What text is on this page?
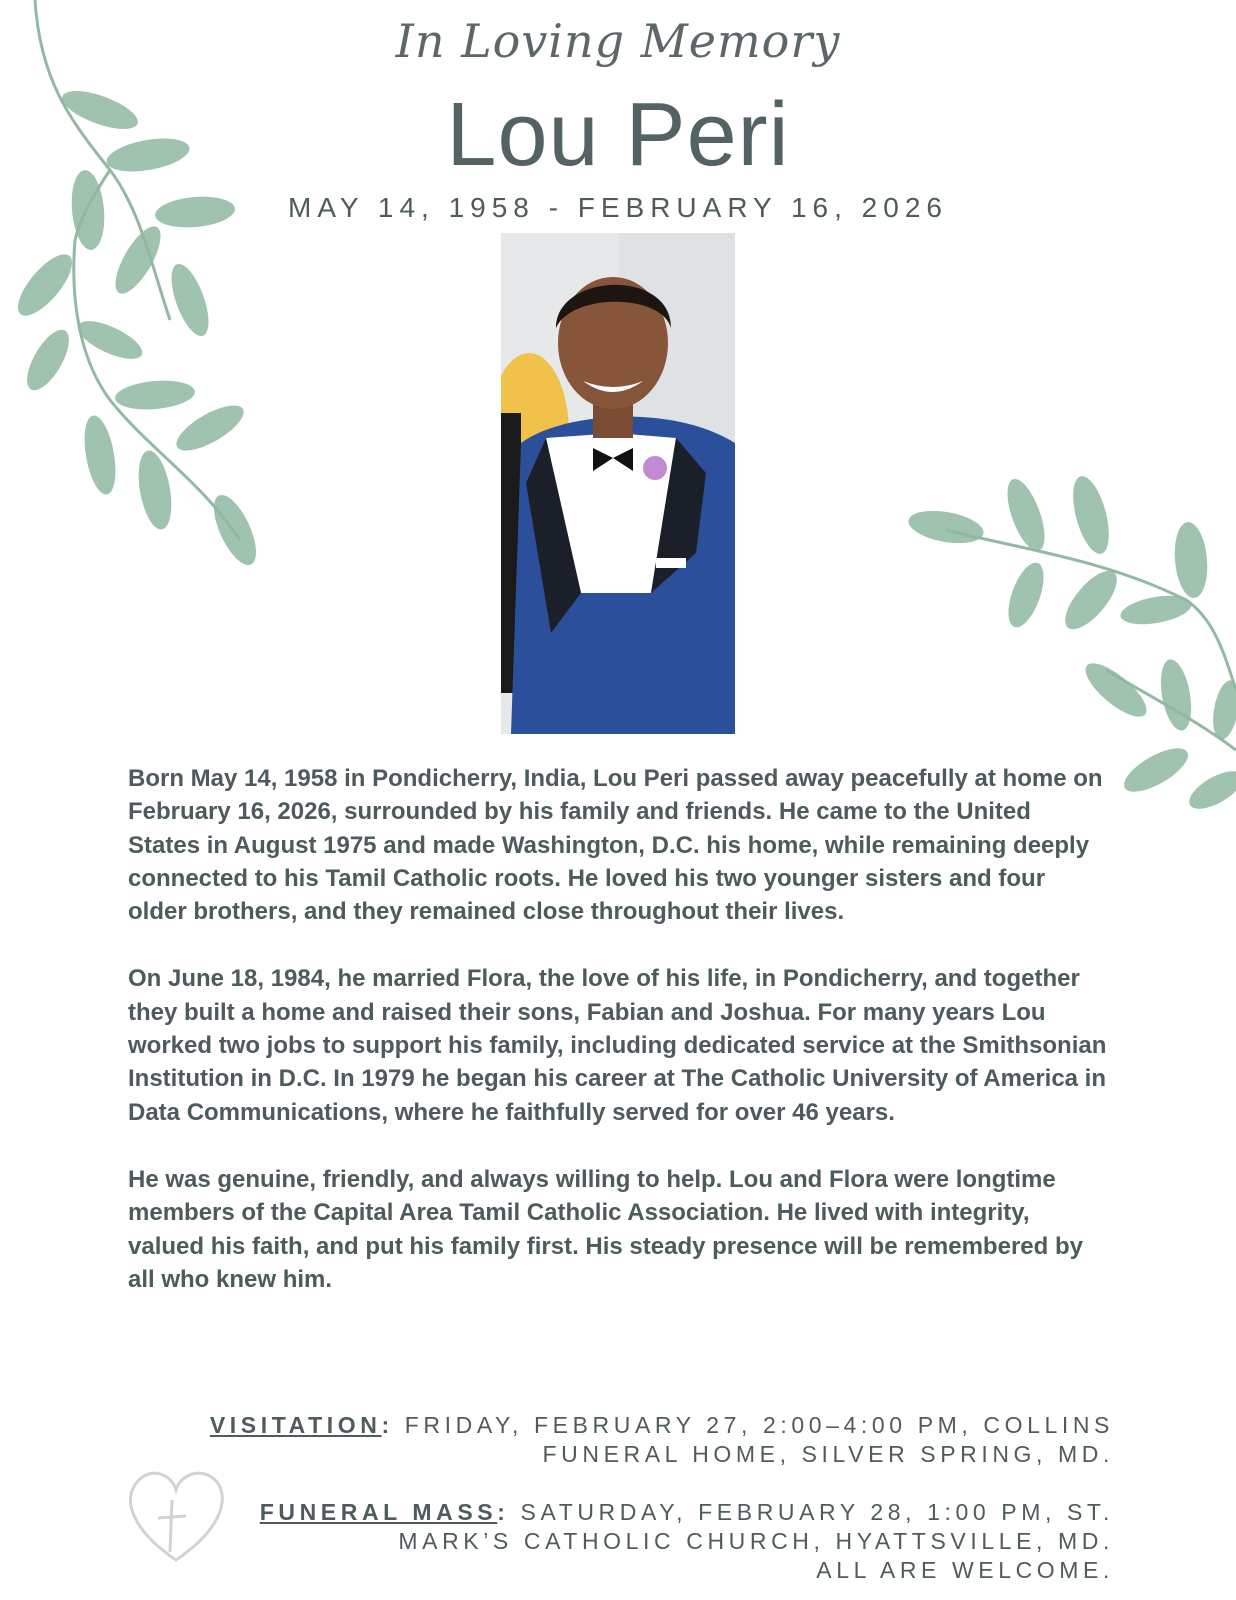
In Loving Memory
Lou Peri
MAY 14, 1958 - FEBRUARY 16, 2026

Born May 14, 1958 in Pondicherry, India, Lou Peri passed away peacefully at home on February 16, 2026, surrounded by his family and friends. He came to the United States in August 1975 and made Washington, D.C. his home, while remaining deeply connected to his Tamil Catholic roots. He loved his two younger sisters and four older brothers, and they remained close throughout their lives.

On June 18, 1984, he married Flora, the love of his life, in Pondicherry, and together they built a home and raised their sons, Fabian and Joshua. For many years Lou worked two jobs to support his family, including dedicated service at the Smithsonian Institution in D.C. In 1979 he began his career at The Catholic University of America in Data Communications, where he faithfully served for over 46 years.

He was genuine, friendly, and always willing to help. Lou and Flora were longtime members of the Capital Area Tamil Catholic Association. He lived with integrity, valued his faith, and put his family first. His steady presence will be remembered by all who knew him.

VISITATION: FRIDAY, FEBRUARY 27, 2:00–4:00 PM, COLLINS
FUNERAL HOME, SILVER SPRING, MD.
FUNERAL MASS: SATURDAY, FEBRUARY 28, 1:00 PM, ST.
MARK’S CATHOLIC CHURCH, HYATTSVILLE, MD.
ALL ARE WELCOME.
